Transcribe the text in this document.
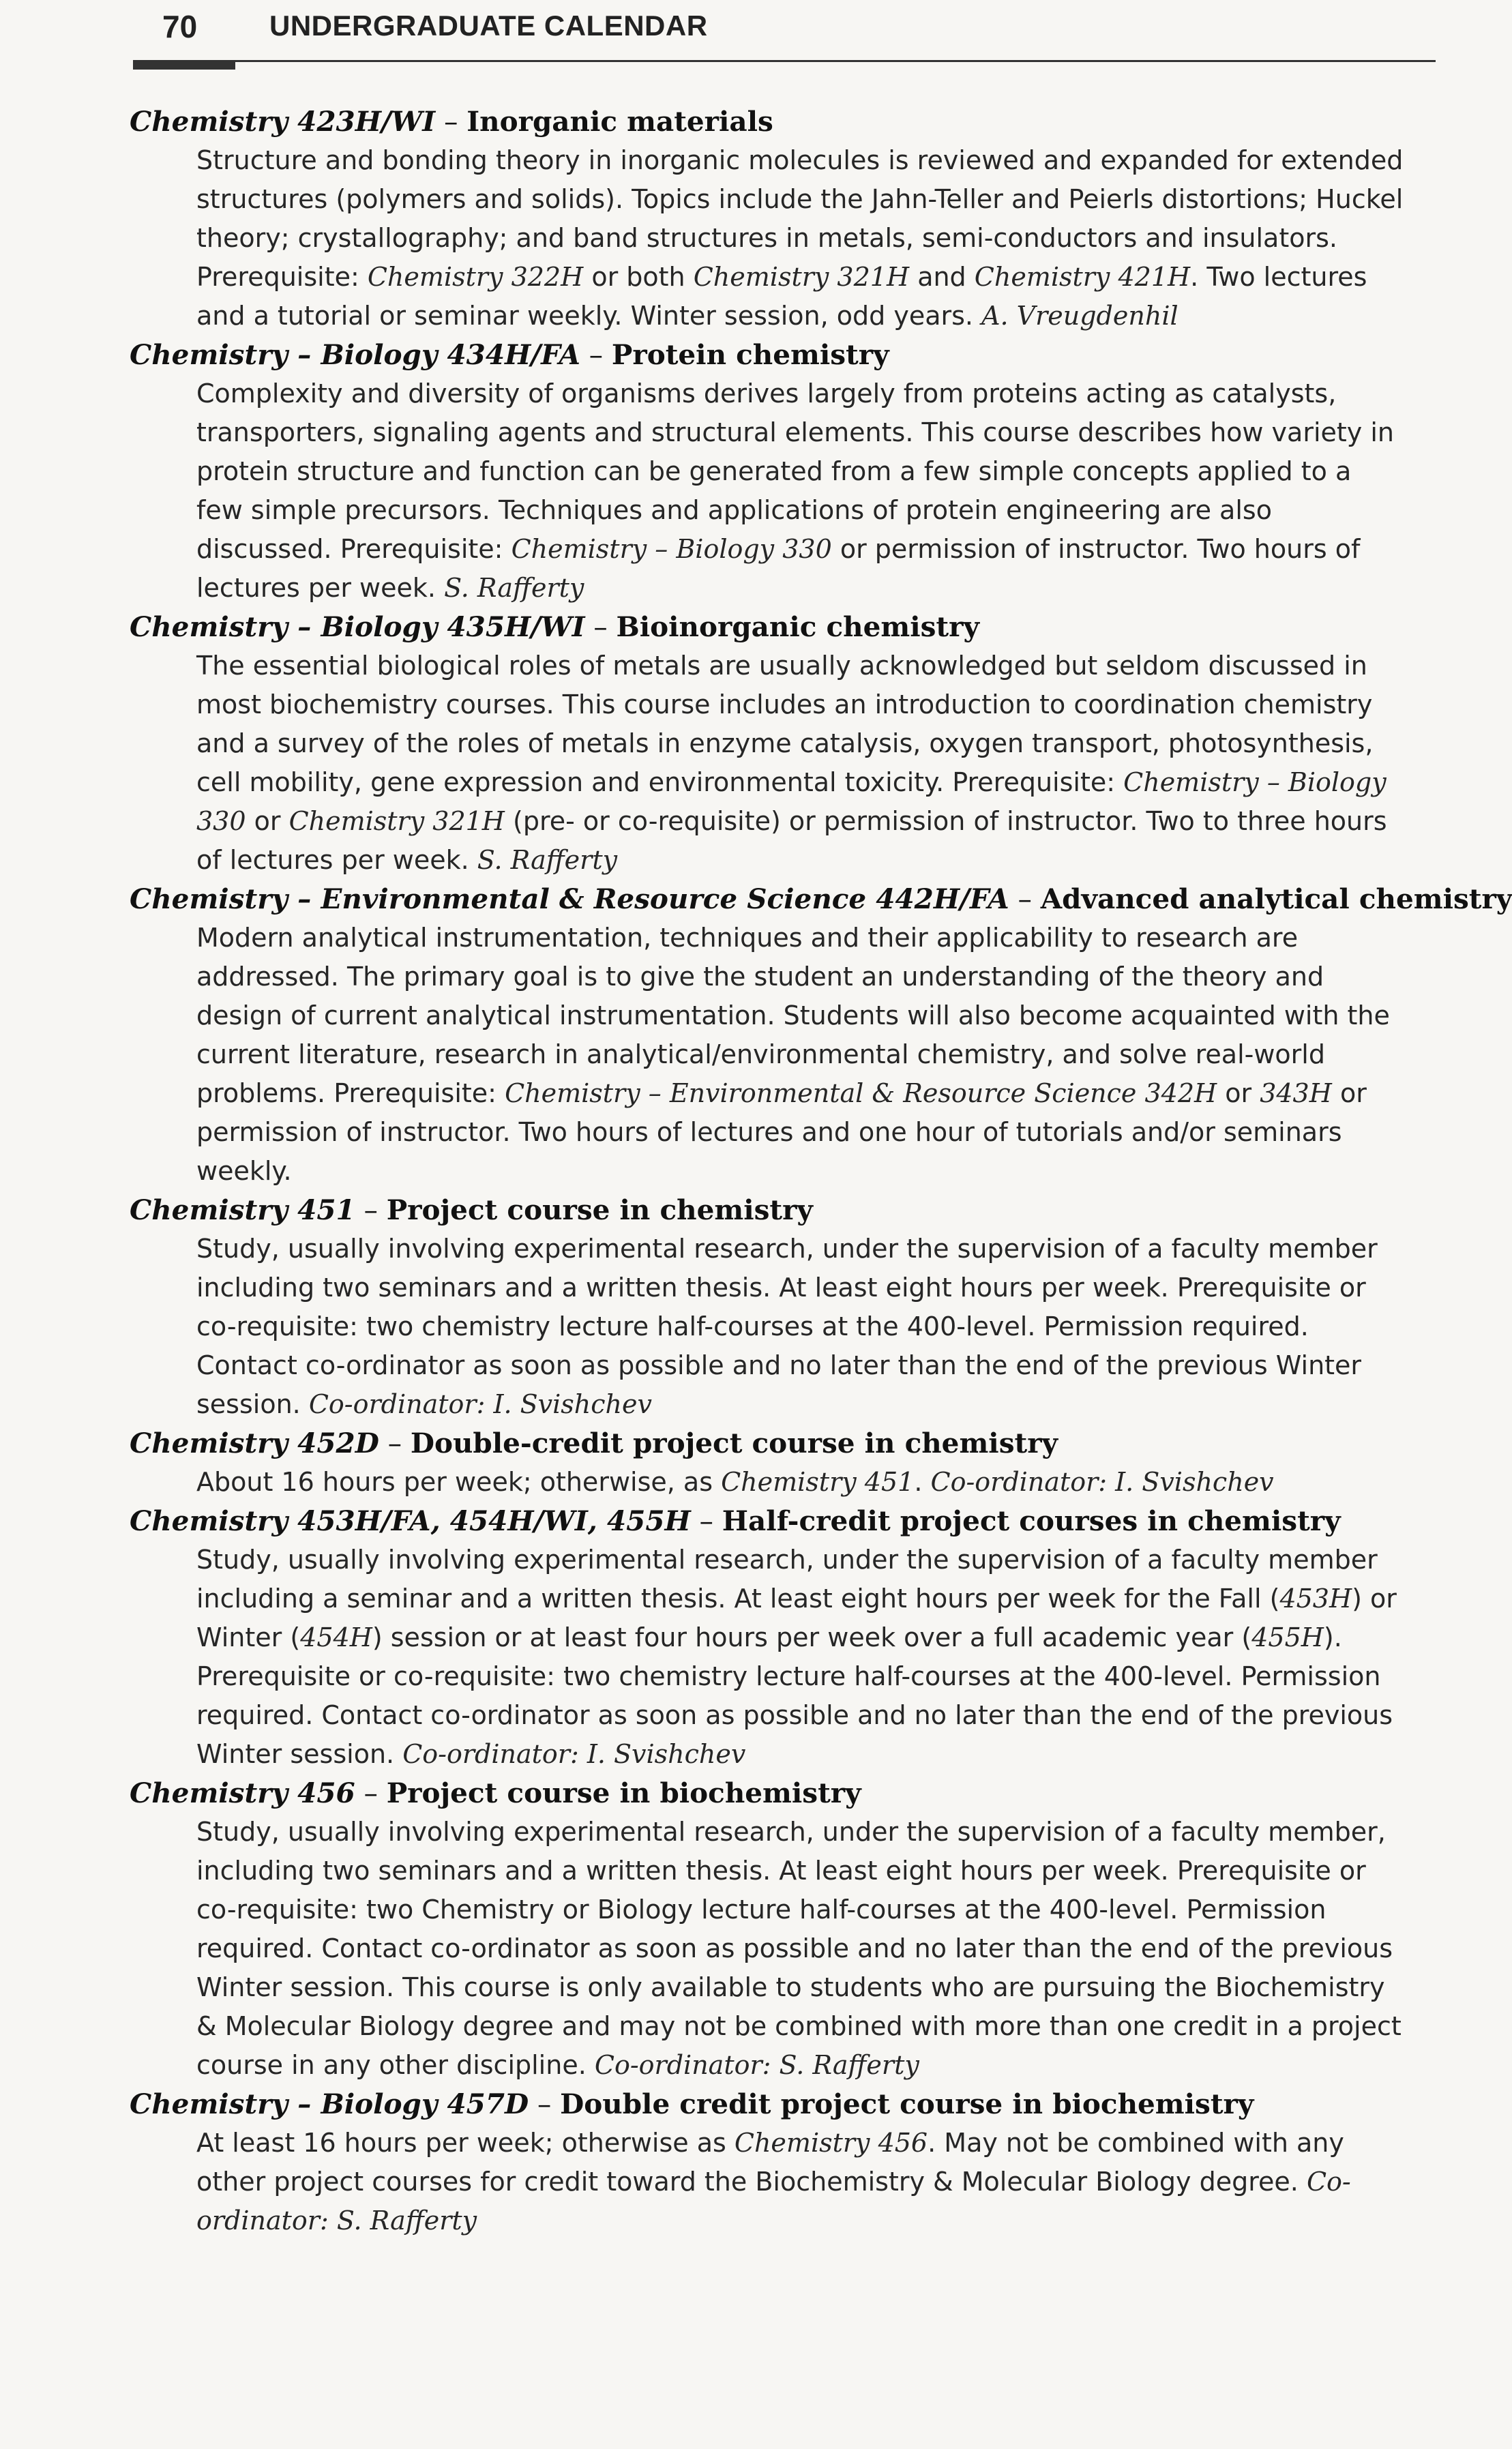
70	UNDERGRADUATE CALENDAR
Chemistry 423H/WI – Inorganic materials
Structure and bonding theory in inorganic molecules is reviewed and expanded for extended structures (polymers and solids). Topics include the Jahn-Teller and Peierls distortions; Huckel theory; crystallography; and band structures in metals, semi-conductors and insulators. Prerequisite: Chemistry 322H or both Chemistry 321H and Chemistry 421H. Two lectures and a tutorial or seminar weekly. Winter session, odd years. A. Vreugdenhil
Chemistry – Biology 434H/FA – Protein chemistry
Complexity and diversity of organisms derives largely from proteins acting as catalysts, transporters, signaling agents and structural elements. This course describes how variety in protein structure and function can be generated from a few simple concepts applied to a few simple precursors. Techniques and applications of protein engineering are also discussed. Prerequisite: Chemistry – Biology 330 or permission of instructor. Two hours of lectures per week. S. Rafferty
Chemistry – Biology 435H/WI – Bioinorganic chemistry
The essential biological roles of metals are usually acknowledged but seldom discussed in most biochemistry courses. This course includes an introduction to coordination chemistry and a survey of the roles of metals in enzyme catalysis, oxygen transport, photosynthesis, cell mobility, gene expression and environmental toxicity. Prerequisite: Chemistry – Biology 330 or Chemistry 321H (pre- or co-requisite) or permission of instructor. Two to three hours of lectures per week. S. Rafferty
Chemistry – Environmental & Resource Science 442H/FA – Advanced analytical chemistry
Modern analytical instrumentation, techniques and their applicability to research are addressed. The primary goal is to give the student an understanding of the theory and design of current analytical instrumentation. Students will also become acquainted with the current literature, research in analytical/environmental chemistry, and solve real-world problems. Prerequisite: Chemistry – Environmental & Resource Science 342H or 343H or permission of instructor. Two hours of lectures and one hour of tutorials and/or seminars weekly.
Chemistry 451 – Project course in chemistry
Study, usually involving experimental research, under the supervision of a faculty member including two seminars and a written thesis. At least eight hours per week. Prerequisite or co-requisite: two chemistry lecture half-courses at the 400-level. Permission required. Contact co-ordinator as soon as possible and no later than the end of the previous Winter session. Co-ordinator: I. Svishchev
Chemistry 452D – Double-credit project course in chemistry
About 16 hours per week; otherwise, as Chemistry 451. Co-ordinator: I. Svishchev
Chemistry 453H/FA, 454H/WI, 455H – Half-credit project courses in chemistry
Study, usually involving experimental research, under the supervision of a faculty member including a seminar and a written thesis. At least eight hours per week for the Fall (453H) or Winter (454H) session or at least four hours per week over a full academic year (455H). Prerequisite or co-requisite: two chemistry lecture half-courses at the 400-level. Permission required. Contact co-ordinator as soon as possible and no later than the end of the previous Winter session. Co-ordinator: I. Svishchev
Chemistry 456 – Project course in biochemistry
Study, usually involving experimental research, under the supervision of a faculty member, including two seminars and a written thesis. At least eight hours per week. Prerequisite or co-requisite: two Chemistry or Biology lecture half-courses at the 400-level. Permission required. Contact co-ordinator as soon as possible and no later than the end of the previous Winter session. This course is only available to students who are pursuing the Biochemistry & Molecular Biology degree and may not be combined with more than one credit in a project course in any other discipline. Co-ordinator: S. Rafferty
Chemistry – Biology 457D – Double credit project course in biochemistry
At least 16 hours per week; otherwise as Chemistry 456. May not be combined with any other project courses for credit toward the Biochemistry & Molecular Biology degree. Co-ordinator: S. Rafferty
